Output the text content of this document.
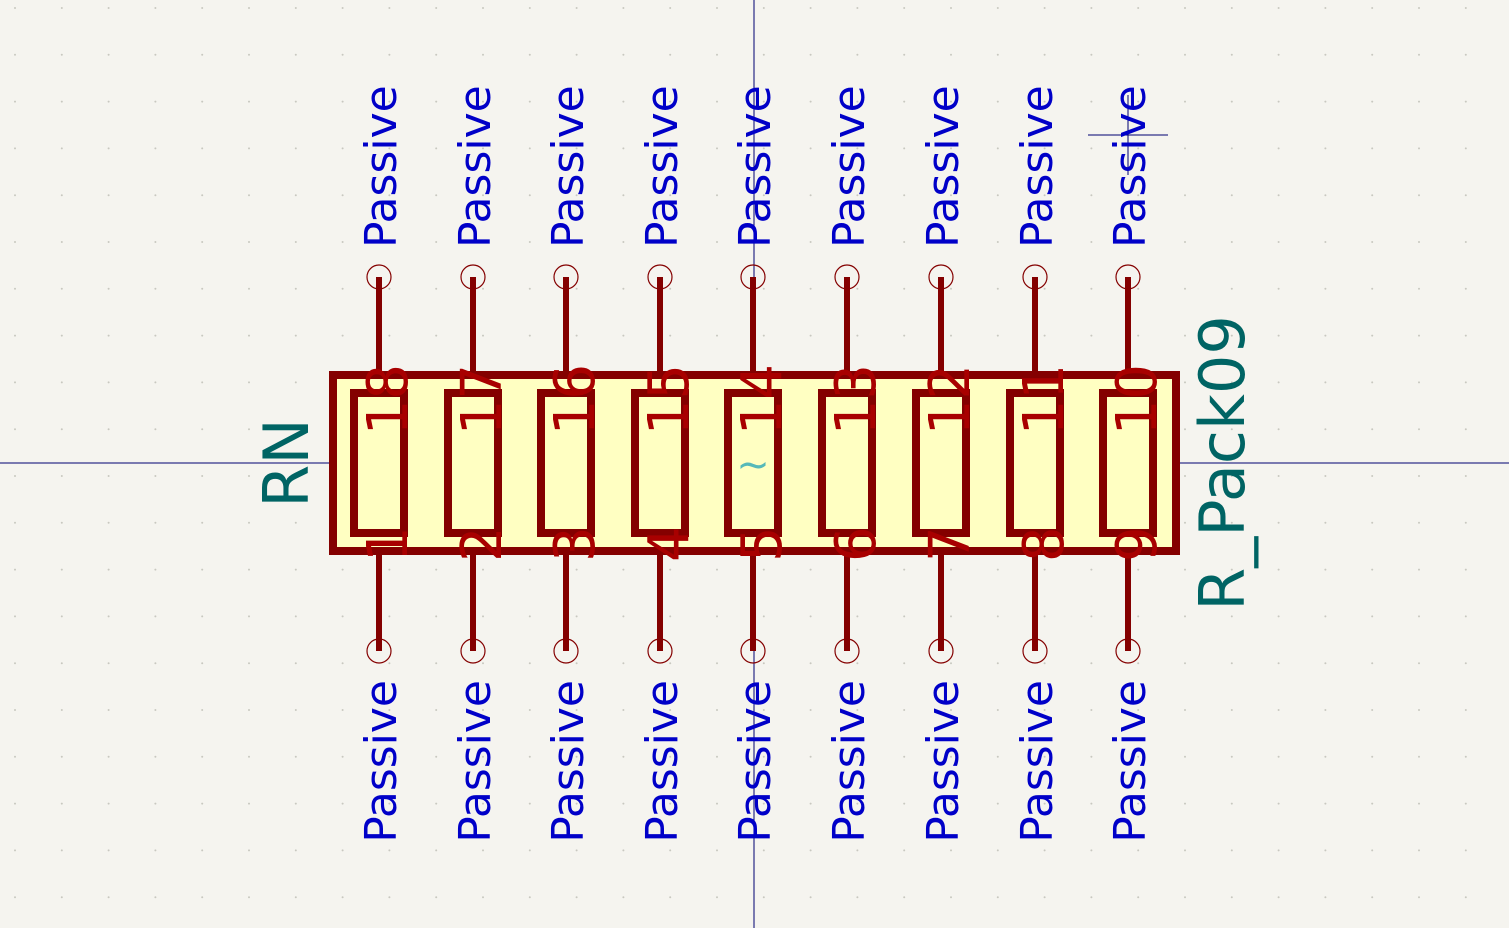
18
Passive
17
Passive
16
Passive
15
Passive
14
Passive
13
Passive
12
Passive
11
Passive
10
Passive
1
Passive
2
Passive
3
Passive
4
Passive
5
Passive
6
Passive
7
Passive
8
Passive
9
Passive
~
RN	R_Pack09
